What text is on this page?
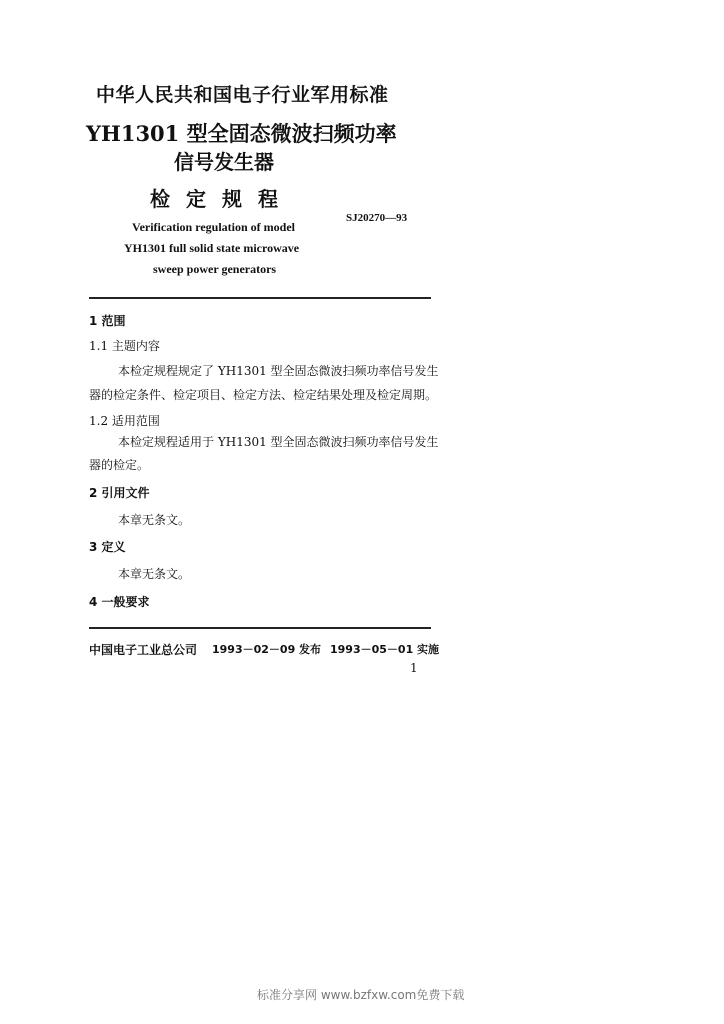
中华人民共和国电子行业军用标准
YH1301 型全固态微波扫频功率
信号发生器
检定规程
Verification regulation of model
YH1301 full solid state microwave
sweep power generators
SJ20270—93
1 范围
1.1 主题内容
本检定规程规定了 YH1301 型全固态微波扫频功率信号发生
器的检定条件、检定项目、检定方法、检定结果处理及检定周期。
1.2 适用范围
本检定规程适用于 YH1301 型全固态微波扫频功率信号发生
器的检定。
2 引用文件
本章无条文。
3 定义
本章无条文。
4 一般要求
中国电子工业总公司 1993－02－09 发布 1993－05－01 实施
1
标准分享网 www.bzfxw.com免费下载
